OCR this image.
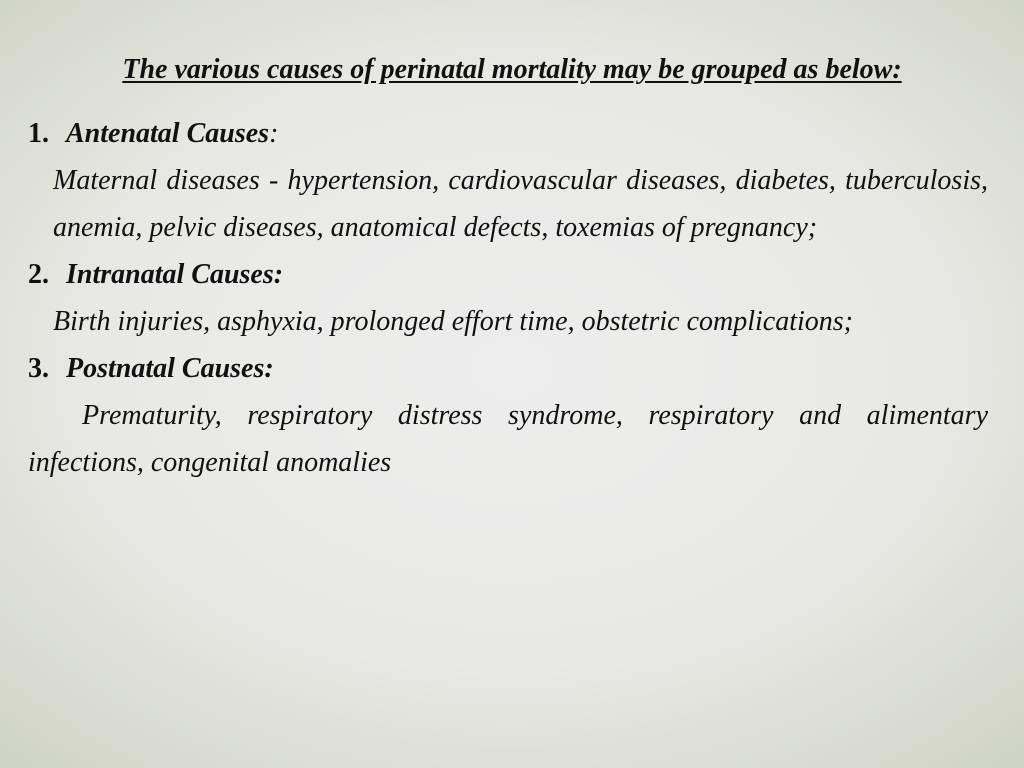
The various causes of perinatal mortality may be grouped as below:
1. Antenatal Causes:

Maternal diseases - hypertension, cardiovascular diseases, diabetes, tuberculosis, anemia, pelvic diseases, anatomical defects, toxemias of pregnancy;

2. Intranatal Causes:

Birth injuries, asphyxia, prolonged effort time, obstetric complications;

3. Postnatal Causes:

Prematurity, respiratory distress syndrome, respiratory and alimentary infections, congenital anomalies
